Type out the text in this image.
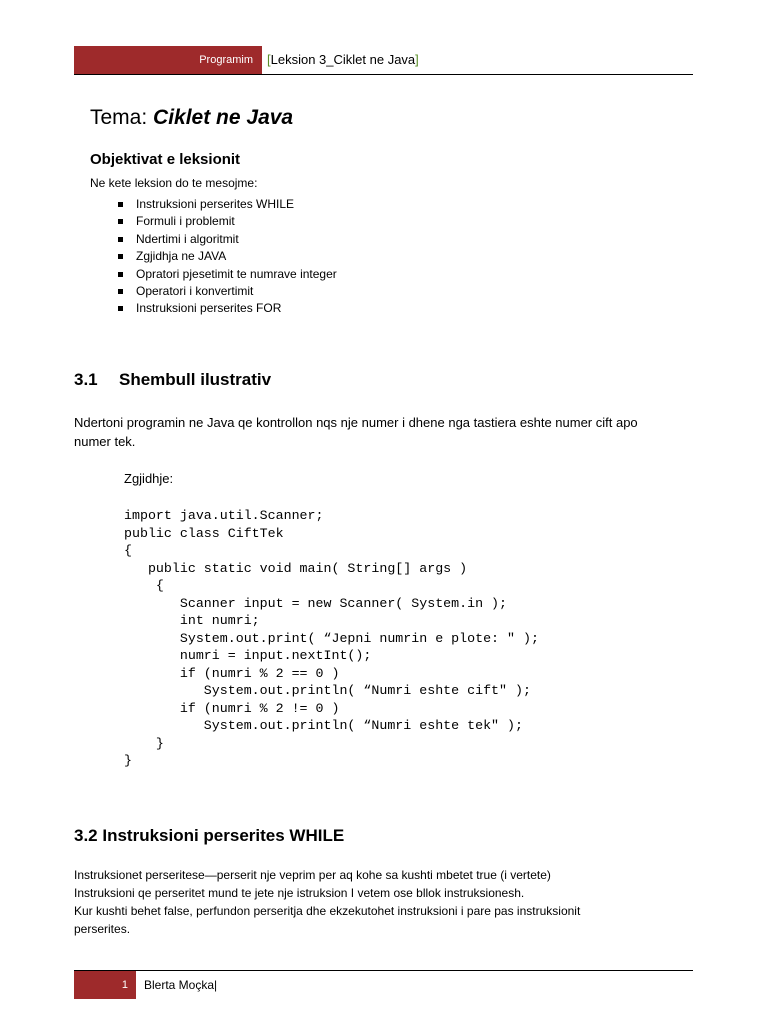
Programim [Leksion 3_Ciklet ne Java]
Tema: Ciklet ne Java
Objektivat e leksionit
Ne kete leksion do te mesojme:
Instruksioni perserites WHILE
Formuli i problemit
Ndertimi i algoritmit
Zgjidhja ne JAVA
Opratori pjesetimit te numrave integer
Operatori i konvertimit
Instruksioni perserites FOR
3.1 Shembull ilustrativ
Ndertoni programin ne Java qe kontrollon nqs nje numer i dhene nga tastiera eshte numer cift apo numer tek.
Zgjidhje:
import java.util.Scanner;
public class CiftTek
{
public static void main( String[] args )
{
Scanner input = new Scanner( System.in );
int numri;
System.out.print( “Jepni numrin e plote: " );
numri = input.nextInt();
if (numri % 2 == 0 )
System.out.println( “Numri eshte cift" );
if (numri % 2 != 0 )
System.out.println( “Numri eshte tek" );
}
}
3.2 Instruksioni perserites WHILE
Instruksionet perseritese—perserit nje veprim per aq kohe sa kushti mbetet true (i vertete)
Instruksioni qe perseritet mund te jete nje istruksion I vetem ose bllok instruksionesh.
Kur kushti behet false, perfundon perseritja dhe ekzekutohet instruksioni i pare pas instruksionit perserites.
1 Blerta Moçka|
